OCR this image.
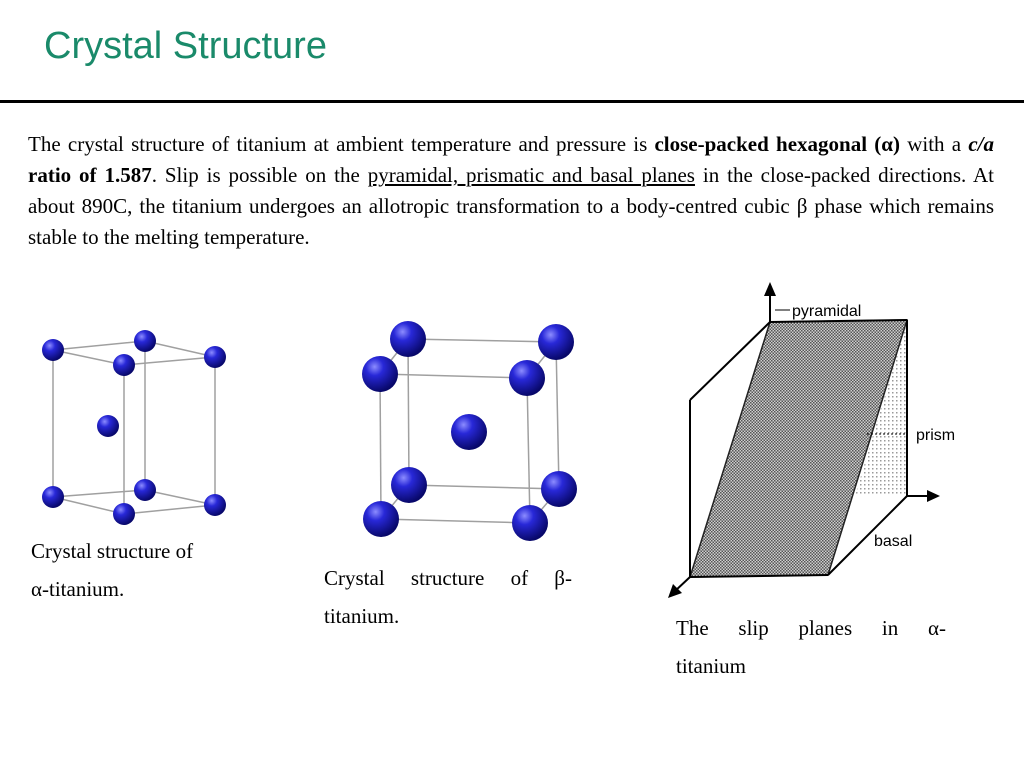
Crystal Structure

The crystal structure of titanium at ambient temperature and pressure is close-packed hexagonal (α) with a c/a ratio of 1.587. Slip is possible on the pyramidal, prismatic and basal planes in the close-packed directions. At about 890C, the titanium undergoes an allotropic transformation to a body-centred cubic β phase which remains stable to the melting temperature.

pyramidal
prism
basal

Crystal structure of
α-titanium.	Crystal structure of β-
titanium.	The slip planes in α-
titanium
